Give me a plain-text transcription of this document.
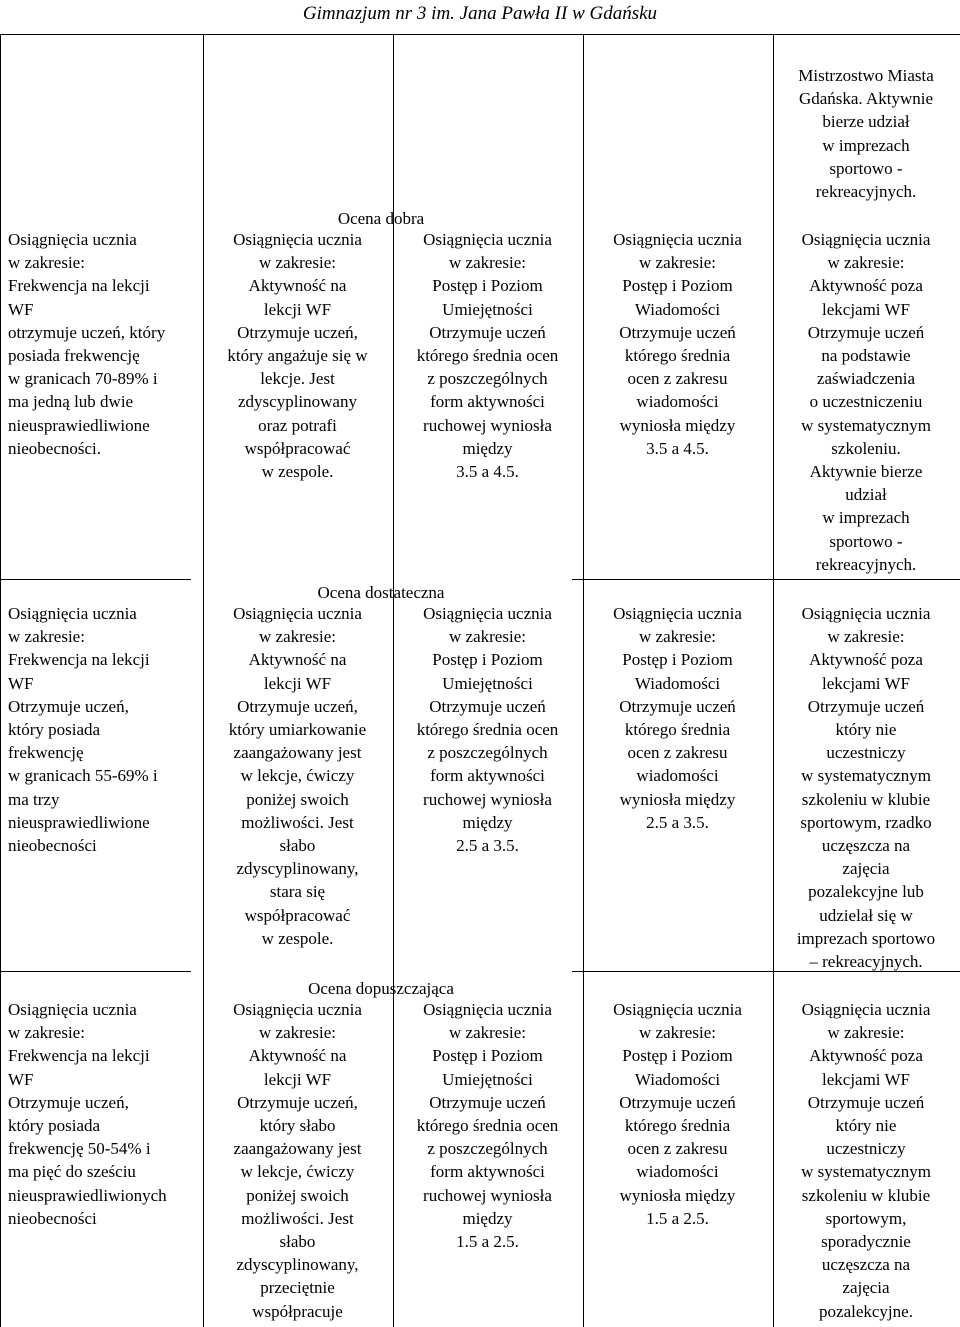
Gimnazjum nr 3 im. Jana Pawła II w Gdańsku
Ocena dobra
Ocena dostateczna
Ocena dopuszczająca
Osiągnięcia ucznia
w zakresie:
Frekwencja na lekcji
WF
otrzymuje uczeń, który
posiada frekwencję
w granicach 70-89% i
ma jedną lub dwie
nieusprawiedliwione
nieobecności.
Osiągnięcia ucznia
w zakresie:
Frekwencja na lekcji
WF
Otrzymuje uczeń,
który posiada
frekwencję
w granicach 55-69% i
ma trzy
nieusprawiedliwione
nieobecności
Osiągnięcia ucznia
w zakresie:
Frekwencja na lekcji
WF
Otrzymuje uczeń,
który posiada
frekwencję 50-54% i
ma pięć do sześciu
nieusprawiedliwionych
nieobecności
Osiągnięcia ucznia
w zakresie:
Aktywność na
lekcji WF
Otrzymuje uczeń,
który angażuje się w
lekcje. Jest
zdyscyplinowany
oraz potrafi
współpracować
w zespole.
Osiągnięcia ucznia
w zakresie:
Aktywność na
lekcji WF
Otrzymuje uczeń,
który umiarkowanie
zaangażowany jest
w lekcje, ćwiczy
poniżej swoich
możliwości. Jest
słabo
zdyscyplinowany,
stara się
współpracować
w zespole.
Osiągnięcia ucznia
w zakresie:
Aktywność na
lekcji WF
Otrzymuje uczeń,
który słabo
zaangażowany jest
w lekcje, ćwiczy
poniżej swoich
możliwości. Jest
słabo
zdyscyplinowany,
przeciętnie
współpracuje
Osiągnięcia ucznia
w zakresie:
Postęp i Poziom
Umiejętności
Otrzymuje uczeń
którego średnia ocen
z poszczególnych
form aktywności
ruchowej wyniosła
między
3.5 a 4.5.
Osiągnięcia ucznia
w zakresie:
Postęp i Poziom
Umiejętności
Otrzymuje uczeń
którego średnia ocen
z poszczególnych
form aktywności
ruchowej wyniosła
między
2.5 a 3.5.
Osiągnięcia ucznia
w zakresie:
Postęp i Poziom
Umiejętności
Otrzymuje uczeń
którego średnia ocen
z poszczególnych
form aktywności
ruchowej wyniosła
między
1.5 a 2.5.
Osiągnięcia ucznia
w zakresie:
Postęp i Poziom
Wiadomości
Otrzymuje uczeń
którego średnia
ocen z zakresu
wiadomości
wyniosła między
3.5 a 4.5.
Osiągnięcia ucznia
w zakresie:
Postęp i Poziom
Wiadomości
Otrzymuje uczeń
którego średnia
ocen z zakresu
wiadomości
wyniosła między
2.5 a 3.5.
Osiągnięcia ucznia
w zakresie:
Postęp i Poziom
Wiadomości
Otrzymuje uczeń
którego średnia
ocen z zakresu
wiadomości
wyniosła między
1.5 a 2.5.
Mistrzostwo Miasta
Gdańska. Aktywnie
bierze udział
w imprezach
sportowo -
rekreacyjnych.
Osiągnięcia ucznia
w zakresie:
Aktywność poza
lekcjami WF
Otrzymuje uczeń
na podstawie
zaświadczenia
o uczestniczeniu
w systematycznym
szkoleniu.
Aktywnie bierze
udział
w imprezach
sportowo -
rekreacyjnych.
Osiągnięcia ucznia
w zakresie:
Aktywność poza
lekcjami WF
Otrzymuje uczeń
który nie
uczestniczy
w systematycznym
szkoleniu w klubie
sportowym, rzadko
uczęszcza na
zajęcia
pozalekcyjne lub
udzielał się w
imprezach sportowo
– rekreacyjnych.
Osiągnięcia ucznia
w zakresie:
Aktywność poza
lekcjami WF
Otrzymuje uczeń
który nie
uczestniczy
w systematycznym
szkoleniu w klubie
sportowym,
sporadycznie
uczęszcza na
zajęcia
pozalekcyjne.
